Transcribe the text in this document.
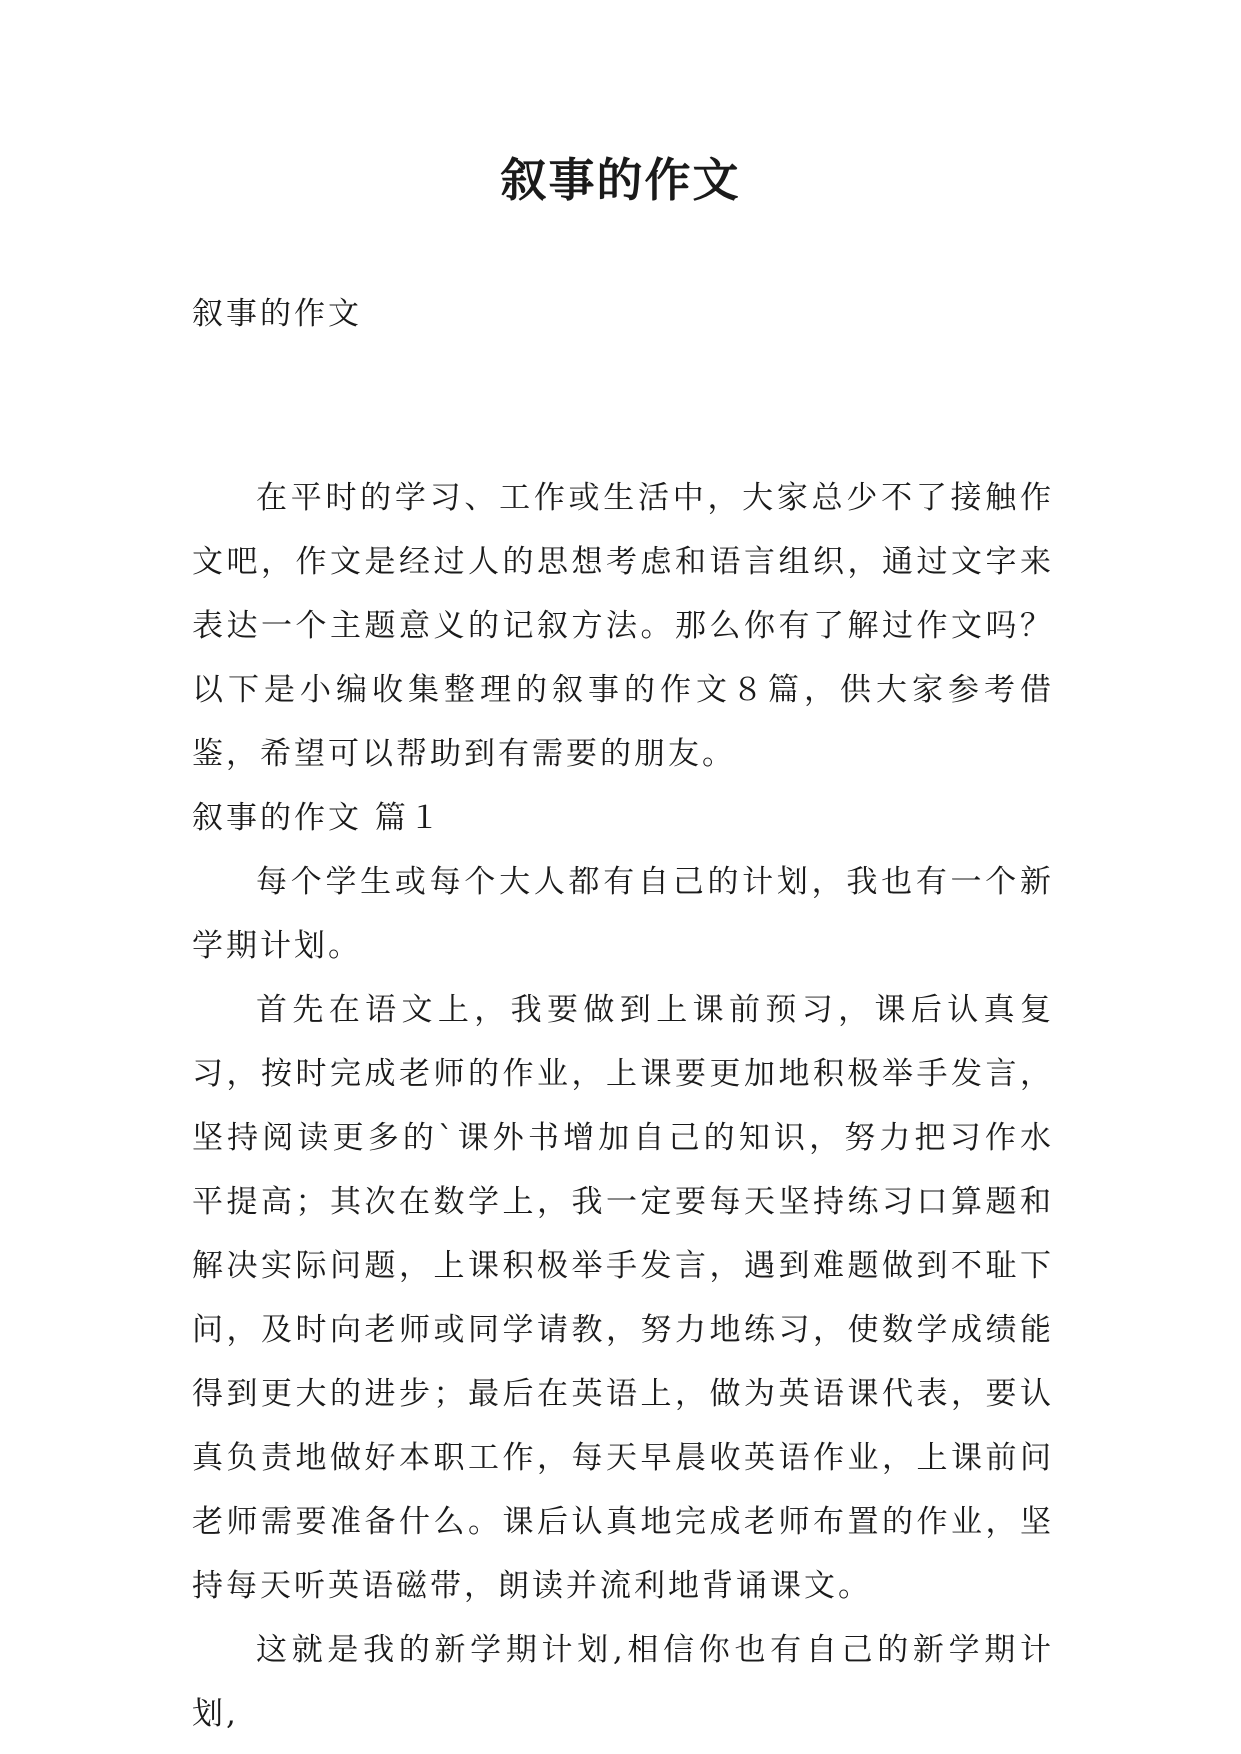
叙事的作文
叙事的作文

在平时的学习、工作或生活中，大家总少不了接触作文吧，作文是经过人的思想考虑和语言组织，通过文字来表达一个主题意义的记叙方法。那么你有了解过作文吗？以下是小编收集整理的叙事的作文８篇，供大家参考借鉴，希望可以帮助到有需要的朋友。

叙事的作文 篇１

每个学生或每个大人都有自己的计划，我也有一个新学期计划。

首先在语文上，我要做到上课前预习，课后认真复习，按时完成老师的作业，上课要更加地积极举手发言，坚持阅读更多的`课外书增加自己的知识，努力把习作水平提高；其次在数学上，我一定要每天坚持练习口算题和解决实际问题，上课积极举手发言，遇到难题做到不耻下问，及时向老师或同学请教，努力地练习，使数学成绩能得到更大的进步；最后在英语上，做为英语课代表，要认真负责地做好本职工作，每天早晨收英语作业，上课前问老师需要准备什么。课后认真地完成老师布置的作业，坚持每天听英语磁带，朗读并流利地背诵课文。

这就是我的新学期计划,相信你也有自己的新学期计划,
